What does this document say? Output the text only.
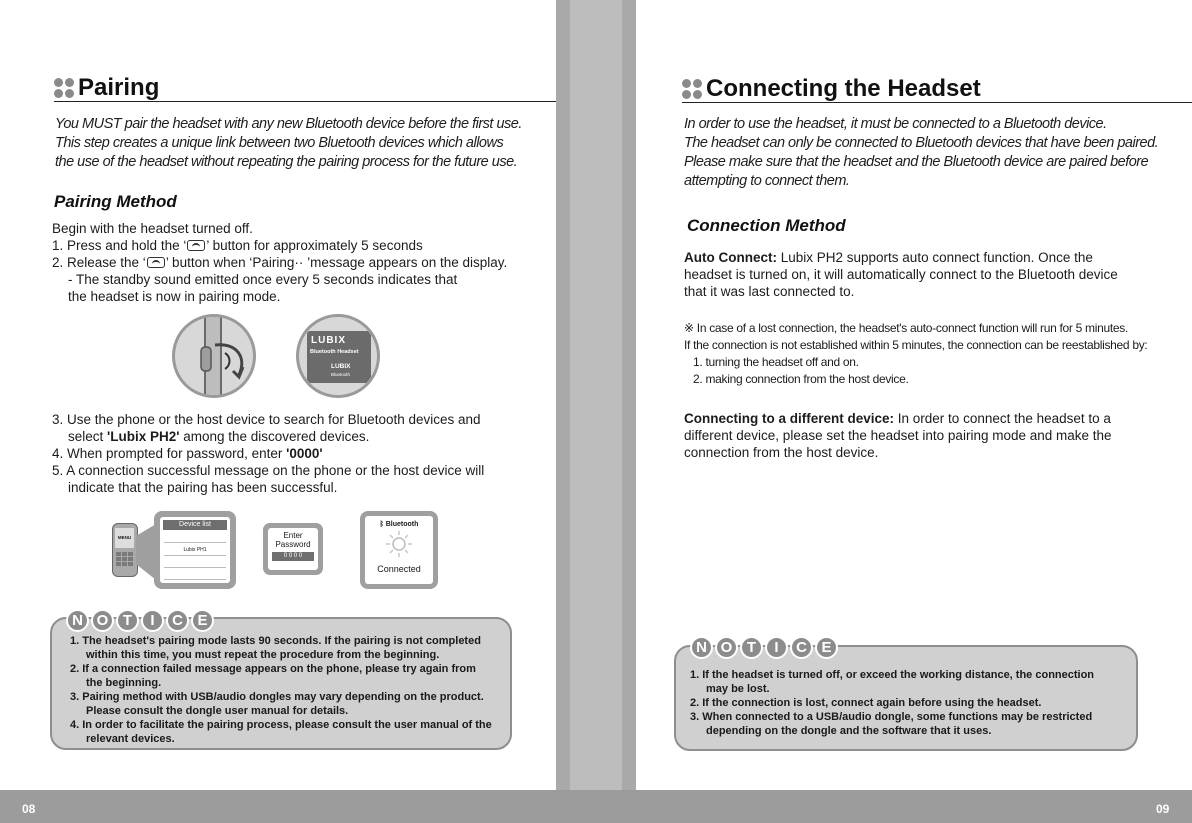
08	09
Pairing
You MUST pair the headset with any new Bluetooth device before the first use.
This step creates a unique link between two Bluetooth devices which allows
the use of the headset without repeating the pairing process for the future use.
Pairing Method
Begin with the headset turned off.
1. Press and hold the ‘ ’ button for approximately 5 seconds
2. Release the ‘ ’ button when ‘Pairing·· ’message appears on the display.
- The standby sound emitted once every 5 seconds indicates that
the headset is now in pairing mode.
LUBIX
Bluetooth Headset
LUBIX
Bluetooth
3. Use the phone or the host device to search for Bluetooth devices and
select 'Lubix PH2' among the discovered devices.
4. When prompted for password, enter '0000'
5. A connection successful message on the phone or the host device will
indicate that the pairing has been successful.
MENU
Device list
Lubix PH1
Enter
Password
0 0 0 0
ᛒ Bluetooth
Connected
N O T	I	C E
1. The headset's pairing mode lasts 90 seconds. If the pairing is not completed within this time, you must repeat the procedure from the beginning.
2. If a connection failed message appears on the phone, please try again from the beginning.
3. Pairing method with USB/audio dongles may vary depending on the product. Please consult the dongle user manual for details.
4. In order to facilitate the pairing process, please consult the user manual of the relevant devices.
Connecting the Headset
In order to use the headset, it must be connected to a Bluetooth device.
The headset can only be connected to Bluetooth devices that have been paired.
Please make sure that the headset and the Bluetooth device are paired before
attempting to connect them.
Connection Method
Auto Connect: Lubix PH2 supports auto connect function. Once the
headset is turned on, it will automatically connect to the Bluetooth device
that it was last connected to.
※ In case of a lost connection, the headset's auto-connect function will run for 5 minutes.
If the connection is not established within 5 minutes, the connection can be reestablished by:
1. turning the headset off and on.
2. making connection from the host device.
Connecting to a different device: In order to connect the headset to a
different device, please set the headset into pairing mode and make the
connection from the host device.
N O T	I	C E
1. If the headset is turned off, or exceed the working distance, the connection may be lost.
2. If the connection is lost, connect again before using the headset.
3. When connected to a USB/audio dongle, some functions may be restricted depending on the dongle and the software that it uses.
